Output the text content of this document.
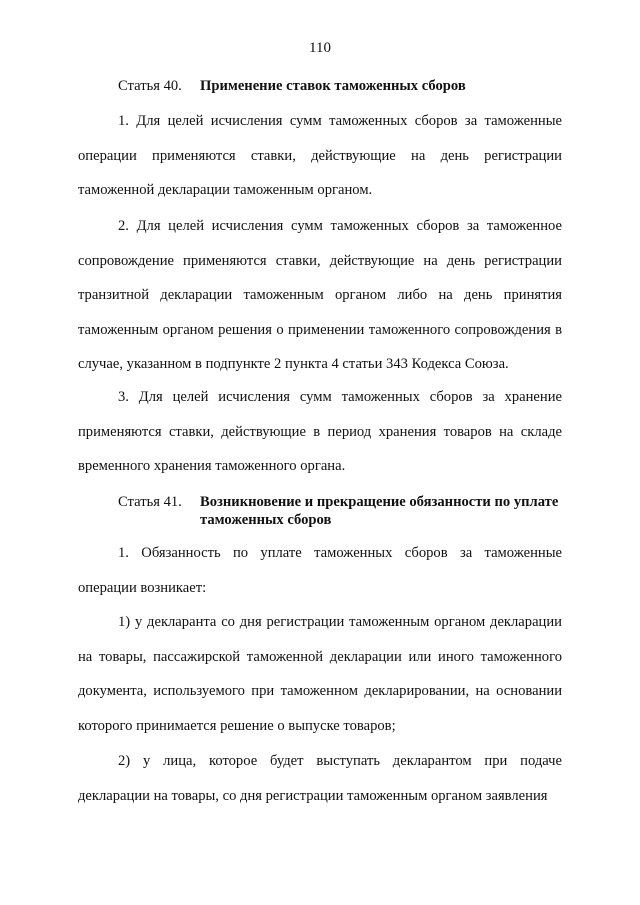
110
Статья 40.	Применение ставок таможенных сборов

1. Для целей исчисления сумм таможенных сборов за таможенные операции применяются ставки, действующие на день регистрации таможенной декларации таможенным органом.

2. Для целей исчисления сумм таможенных сборов за таможенное сопровождение применяются ставки, действующие на день регистрации транзитной декларации таможенным органом либо на день принятия таможенным органом решения о применении таможенного сопровождения в случае, указанном в подпункте 2 пункта 4 статьи 343 Кодекса Союза.

3. Для целей исчисления сумм таможенных сборов за хранение применяются ставки, действующие в период хранения товаров на складе временного хранения таможенного органа.

Статья 41.	Возникновение и прекращение обязанности по уплате таможенных сборов

1. Обязанность по уплате таможенных сборов за таможенные операции возникает:

1) у декларанта со дня регистрации таможенным органом декларации на товары, пассажирской таможенной декларации или иного таможенного документа, используемого при таможенном декларировании, на основании которого принимается решение о выпуске товаров;

2) у лица, которое будет выступать декларантом при подаче декларации на товары, со дня регистрации таможенным органом заявления
